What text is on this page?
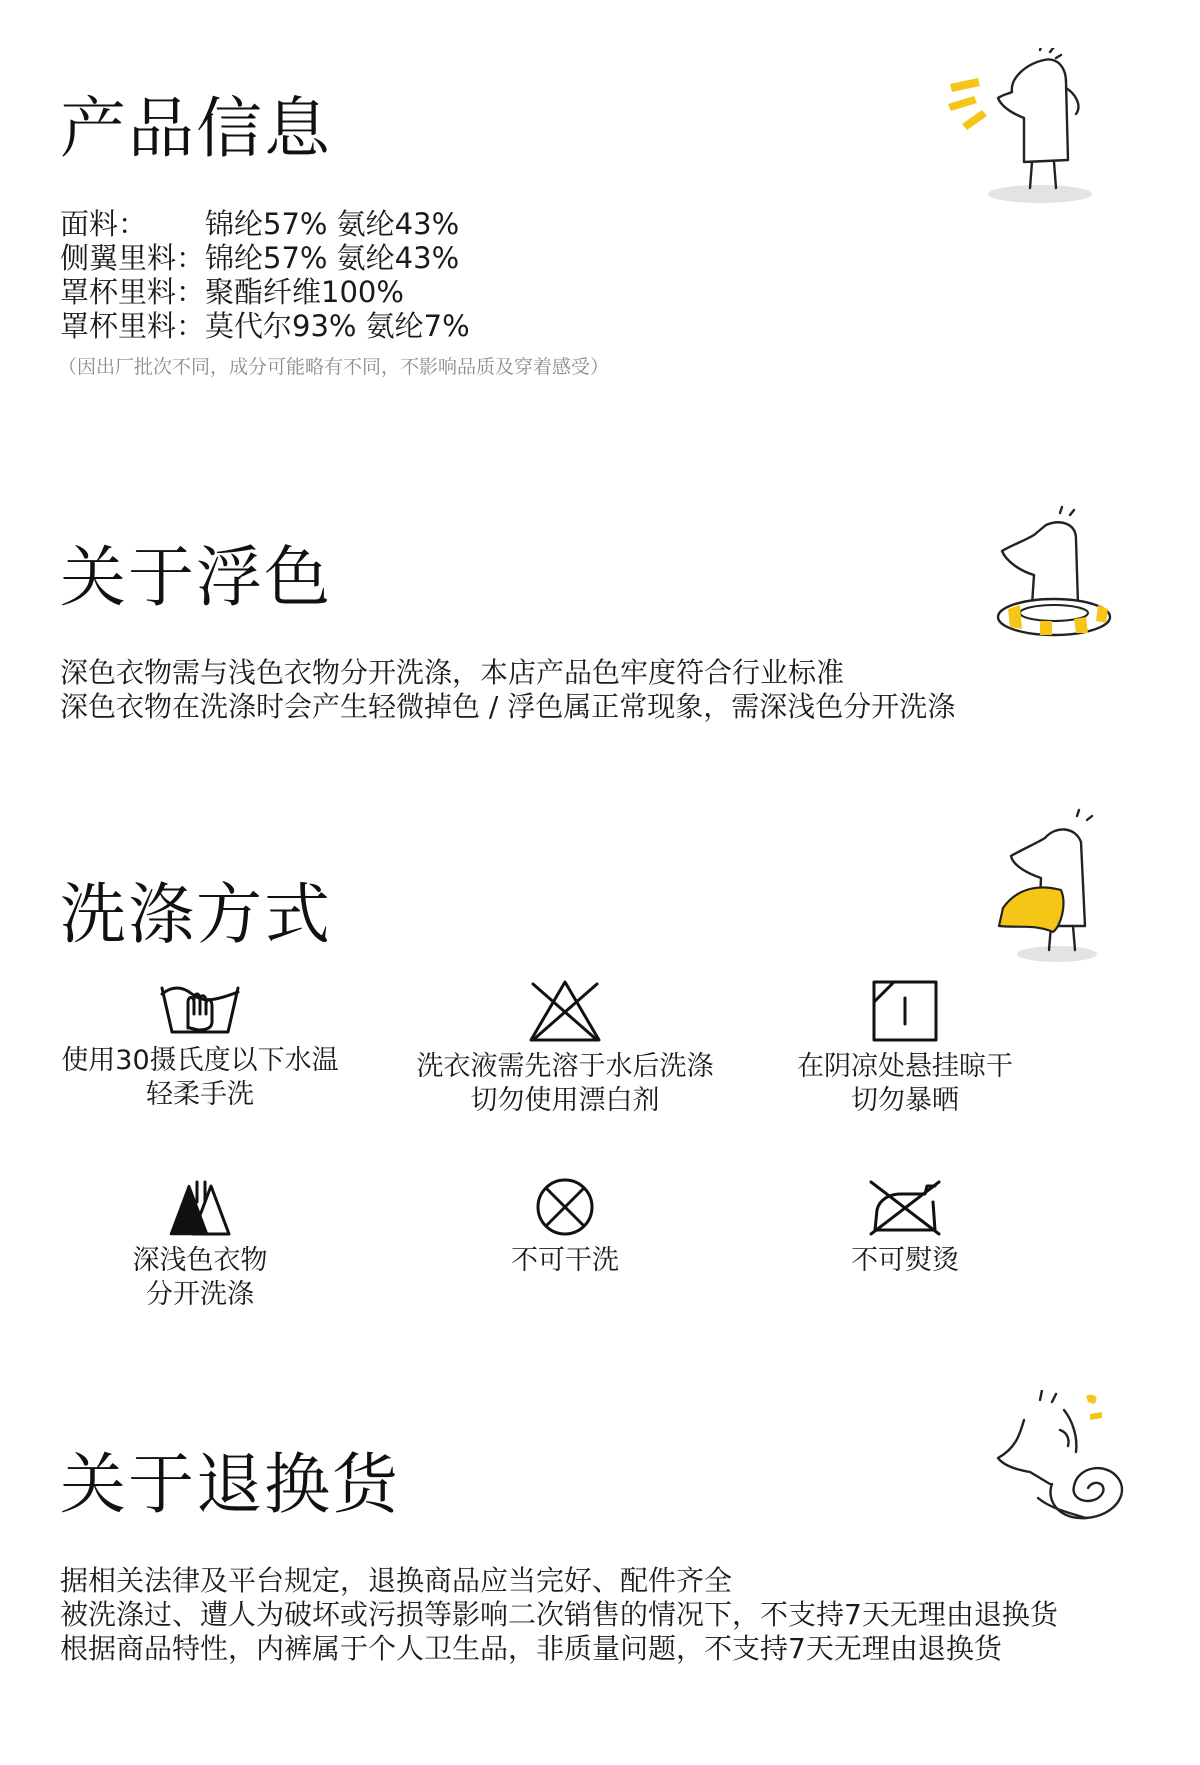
产品信息
面料：	锦纶57% 氨纶43%
侧翼里料： 锦纶57% 氨纶43%
罩杯里料： 聚酯纤维100%
罩杯里料： 莫代尔93% 氨纶7%
（因出厂批次不同，成分可能略有不同，不影响品质及穿着感受）
关于浮色
深色衣物需与浅色衣物分开洗涤，本店产品色牢度符合行业标准
深色衣物在洗涤时会产生轻微掉色 / 浮色属正常现象，需深浅色分开洗涤
洗涤方式
使用30摄氏度以下水温
轻柔手洗
洗衣液需先溶于水后洗涤
切勿使用漂白剂
在阴凉处悬挂晾干
切勿暴晒
深浅色衣物
分开洗涤
不可干洗	不可熨烫
关于退换货
据相关法律及平台规定，退换商品应当完好、配件齐全
被洗涤过、遭人为破坏或污损等影响二次销售的情况下，不支持7天无理由退换货
根据商品特性，内裤属于个人卫生品，非质量问题，不支持7天无理由退换货
